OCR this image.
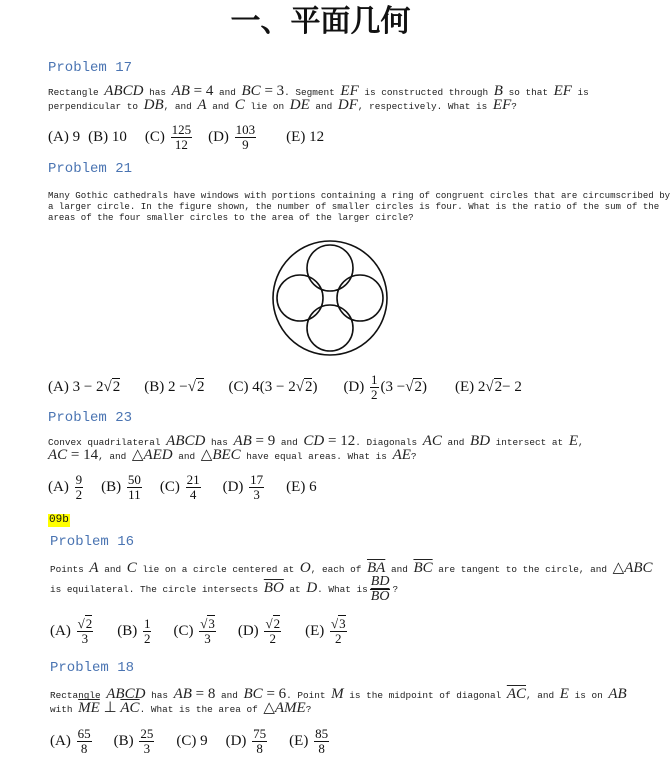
一、平面几何
Problem 17
Rectangle ABCD has AB = 4 and BC = 3. Segment EF is constructed through B so that EF is
perpendicular to DB, and A and C lie on DE and DF, respectively. What is EF?
(A)
9 (B)
10 (C)
$\frac{125}{12} (D)$
$\frac{103}{9} (E)$
12
Problem 21
Many Gothic cathedrals have windows with portions containing a ring of congruent circles that are circumscribed by
a larger circle. In the figure shown, the number of smaller circles is four. What is the ratio of the sum of the
areas of the four smaller circles to the area of the larger circle?
(A)
3 − 2 √ 2 (B)
2 − √ 2 (C)
4(3 − 2 √ 2 ) (D)
$\frac{1}{2} (3$ − √ 2 ) (E)
2 √ 2 − 2
Problem 23
Convex quadrilateral ABCD has AB = 9 and CD = 12. Diagonals AC and BD intersect at E,
AC = 14, and △AED and △BEC have equal areas. What is AE?
(A)
$\frac{9}{2} (B)$
$\frac{50}{11} (C)$
$\frac{21}{4} (D)$
$\frac{17}{3} (E)$
6
09b
Problem 16
Points A and C lie on a circle centered at O, each of $\overline{BA}$ and $\overline{BC}$ are tangent to the circle, and △ABC
is equilateral. The circle intersects $\overline{BO}$ at D. What is $\frac{BD}{BO}$ ?
(A)
$\frac{√2}{3} (B)$
$\frac{1}{2} (C)$
$\frac{√3}{3} (D)$
$\frac{√2}{2} (E)$
$\frac{√3}{2}$
Problem 18
Rectangle ABCD has AB = 8 and BC = 6. Point M is the midpoint of diagonal $\overline{AC}$, and E is on AB
with $\overline{ME}$ ⊥ $\overline{AC}$. What is the area of △AME?
(A)
$\frac{65}{8} (B)$
$\frac{25}{3} (C)$
9 (D)
$\frac{75}{8} (E)$
$\frac{85}{8}$
